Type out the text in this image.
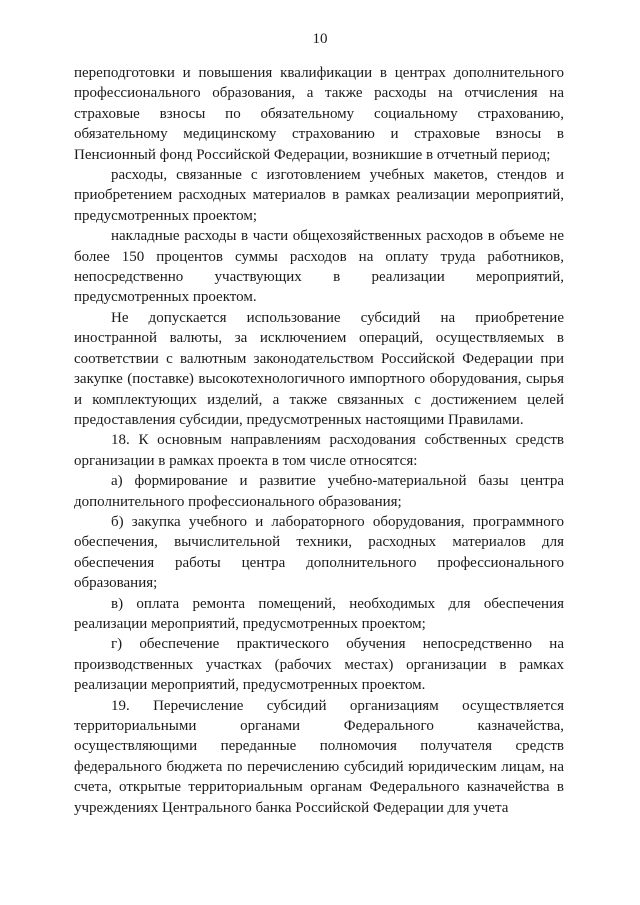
10

переподготовки и повышения квалификации в центрах дополнительного профессионального образования, а также расходы на отчисления на страховые взносы по обязательному социальному страхованию, обязательному медицинскому страхованию и страховые взносы в Пенсионный фонд Российской Федерации, возникшие в отчетный период;

расходы, связанные с изготовлением учебных макетов, стендов и приобретением расходных материалов в рамках реализации мероприятий, предусмотренных проектом;

накладные расходы в части общехозяйственных расходов в объеме не более 150 процентов суммы расходов на оплату труда работников, непосредственно участвующих в реализации мероприятий, предусмотренных проектом.

Не допускается использование субсидий на приобретение иностранной валюты, за исключением операций, осуществляемых в соответствии с валютным законодательством Российской Федерации при закупке (поставке) высокотехнологичного импортного оборудования, сырья и комплектующих изделий, а также связанных с достижением целей предоставления субсидии, предусмотренных настоящими Правилами.

18. К основным направлениям расходования собственных средств организации в рамках проекта в том числе относятся:

а) формирование и развитие учебно-материальной базы центра дополнительного профессионального образования;

б) закупка учебного и лабораторного оборудования, программного обеспечения, вычислительной техники, расходных материалов для обеспечения работы центра дополнительного профессионального образования;

в) оплата ремонта помещений, необходимых для обеспечения реализации мероприятий, предусмотренных проектом;

г) обеспечение практического обучения непосредственно на производственных участках (рабочих местах) организации в рамках реализации мероприятий, предусмотренных проектом.

19. Перечисление субсидий организациям осуществляется территориальными органами Федерального казначейства, осуществляющими переданные полномочия получателя средств федерального бюджета по перечислению субсидий юридическим лицам, на счета, открытые территориальным органам Федерального казначейства в учреждениях Центрального банка Российской Федерации для учета
